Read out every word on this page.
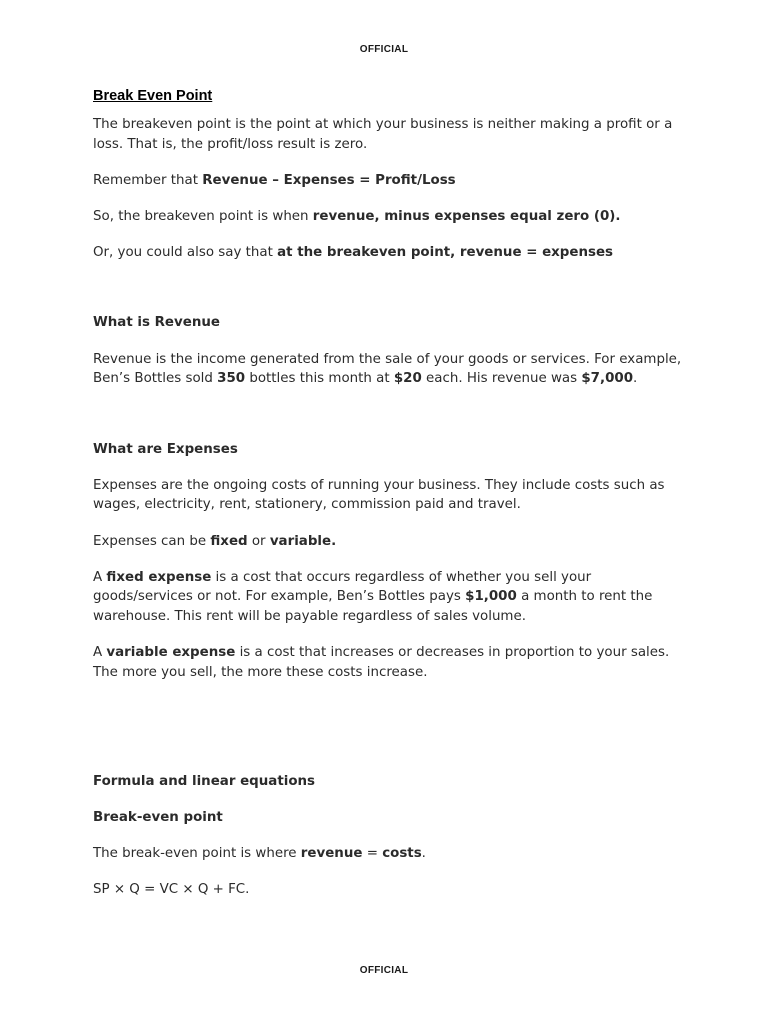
OFFICIAL
Break Even Point

The breakeven point is the point at which your business is neither making a profit or a loss. That is, the profit/loss result is zero.

Remember that Revenue – Expenses = Profit/Loss

So, the breakeven point is when revenue, minus expenses equal zero (0).

Or, you could also say that at the breakeven point, revenue = expenses

What is Revenue

Revenue is the income generated from the sale of your goods or services. For example, Ben’s Bottles sold 350 bottles this month at $20 each. His revenue was $7,000.

What are Expenses

Expenses are the ongoing costs of running your business. They include costs such as wages, electricity, rent, stationery, commission paid and travel.

Expenses can be fixed or variable.

A fixed expense is a cost that occurs regardless of whether you sell your goods/services or not. For example, Ben’s Bottles pays $1,000 a month to rent the warehouse. This rent will be payable regardless of sales volume.

A variable expense is a cost that increases or decreases in proportion to your sales. The more you sell, the more these costs increase.

Formula and linear equations

Break-even point

The break-even point is where revenue = costs.

SP × Q = VC × Q + FC.

OFFICIAL
